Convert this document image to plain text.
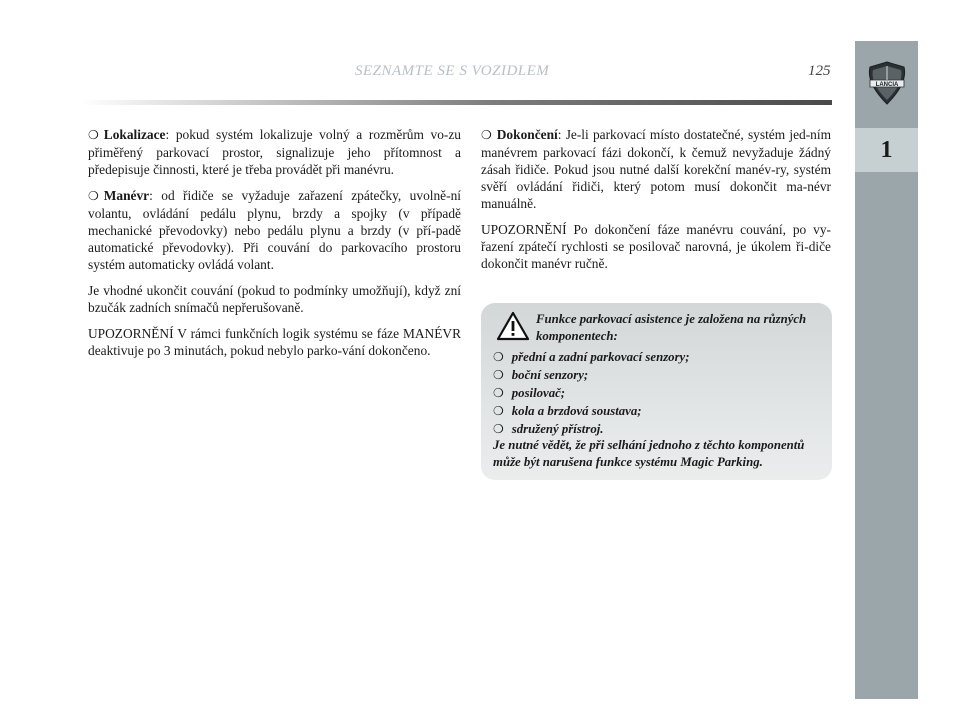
SEZNAMTE SE S VOZIDLEM	125
LANCIA
1

❍ Lokalizace: pokud systém lokalizuje volný a rozměrům vo-zu přiměřený parkovací prostor, signalizuje jeho přítomnost a předepisuje činnosti, které je třeba provádět při manévru.

❍ Manévr: od řidiče se vyžaduje zařazení zpátečky, uvolně-ní volantu, ovládání pedálu plynu, brzdy a spojky (v případě mechanické převodovky) nebo pedálu plynu a brzdy (v pří-padě automatické převodovky). Při couvání do parkovacího prostoru systém automaticky ovládá volant.

Je vhodné ukončit couvání (pokud to podmínky umožňují), když zní bzučák zadních snímačů nepřerušovaně.

UPOZORNĚNÍ V rámci funkčních logik systému se fáze MANÉVR deaktivuje po 3 minutách, pokud nebylo parko-vání dokončeno.

❍ Dokončení: Je-li parkovací místo dostatečné, systém jed-ním manévrem parkovací fázi dokončí, k čemuž nevyžaduje žádný zásah řidiče. Pokud jsou nutné další korekční manév-ry, systém svěří ovládání řidiči, který potom musí dokončit ma-névr manuálně.

UPOZORNĚNÍ Po dokončení fáze manévru couvání, po vy-řazení zpátečí rychlosti se posilovač narovná, je úkolem ři-diče dokončit manévr ručně.

Funkce parkovací asistence je založena na různých komponentech:
❍ přední a zadní parkovací senzory;
❍ boční senzory;
❍ posilovač;
❍ kola a brzdová soustava;
❍ sdružený přístroj.
Je nutné vědět, že při selhání jednoho z těchto komponentů může být narušena funkce systému Magic Parking.
